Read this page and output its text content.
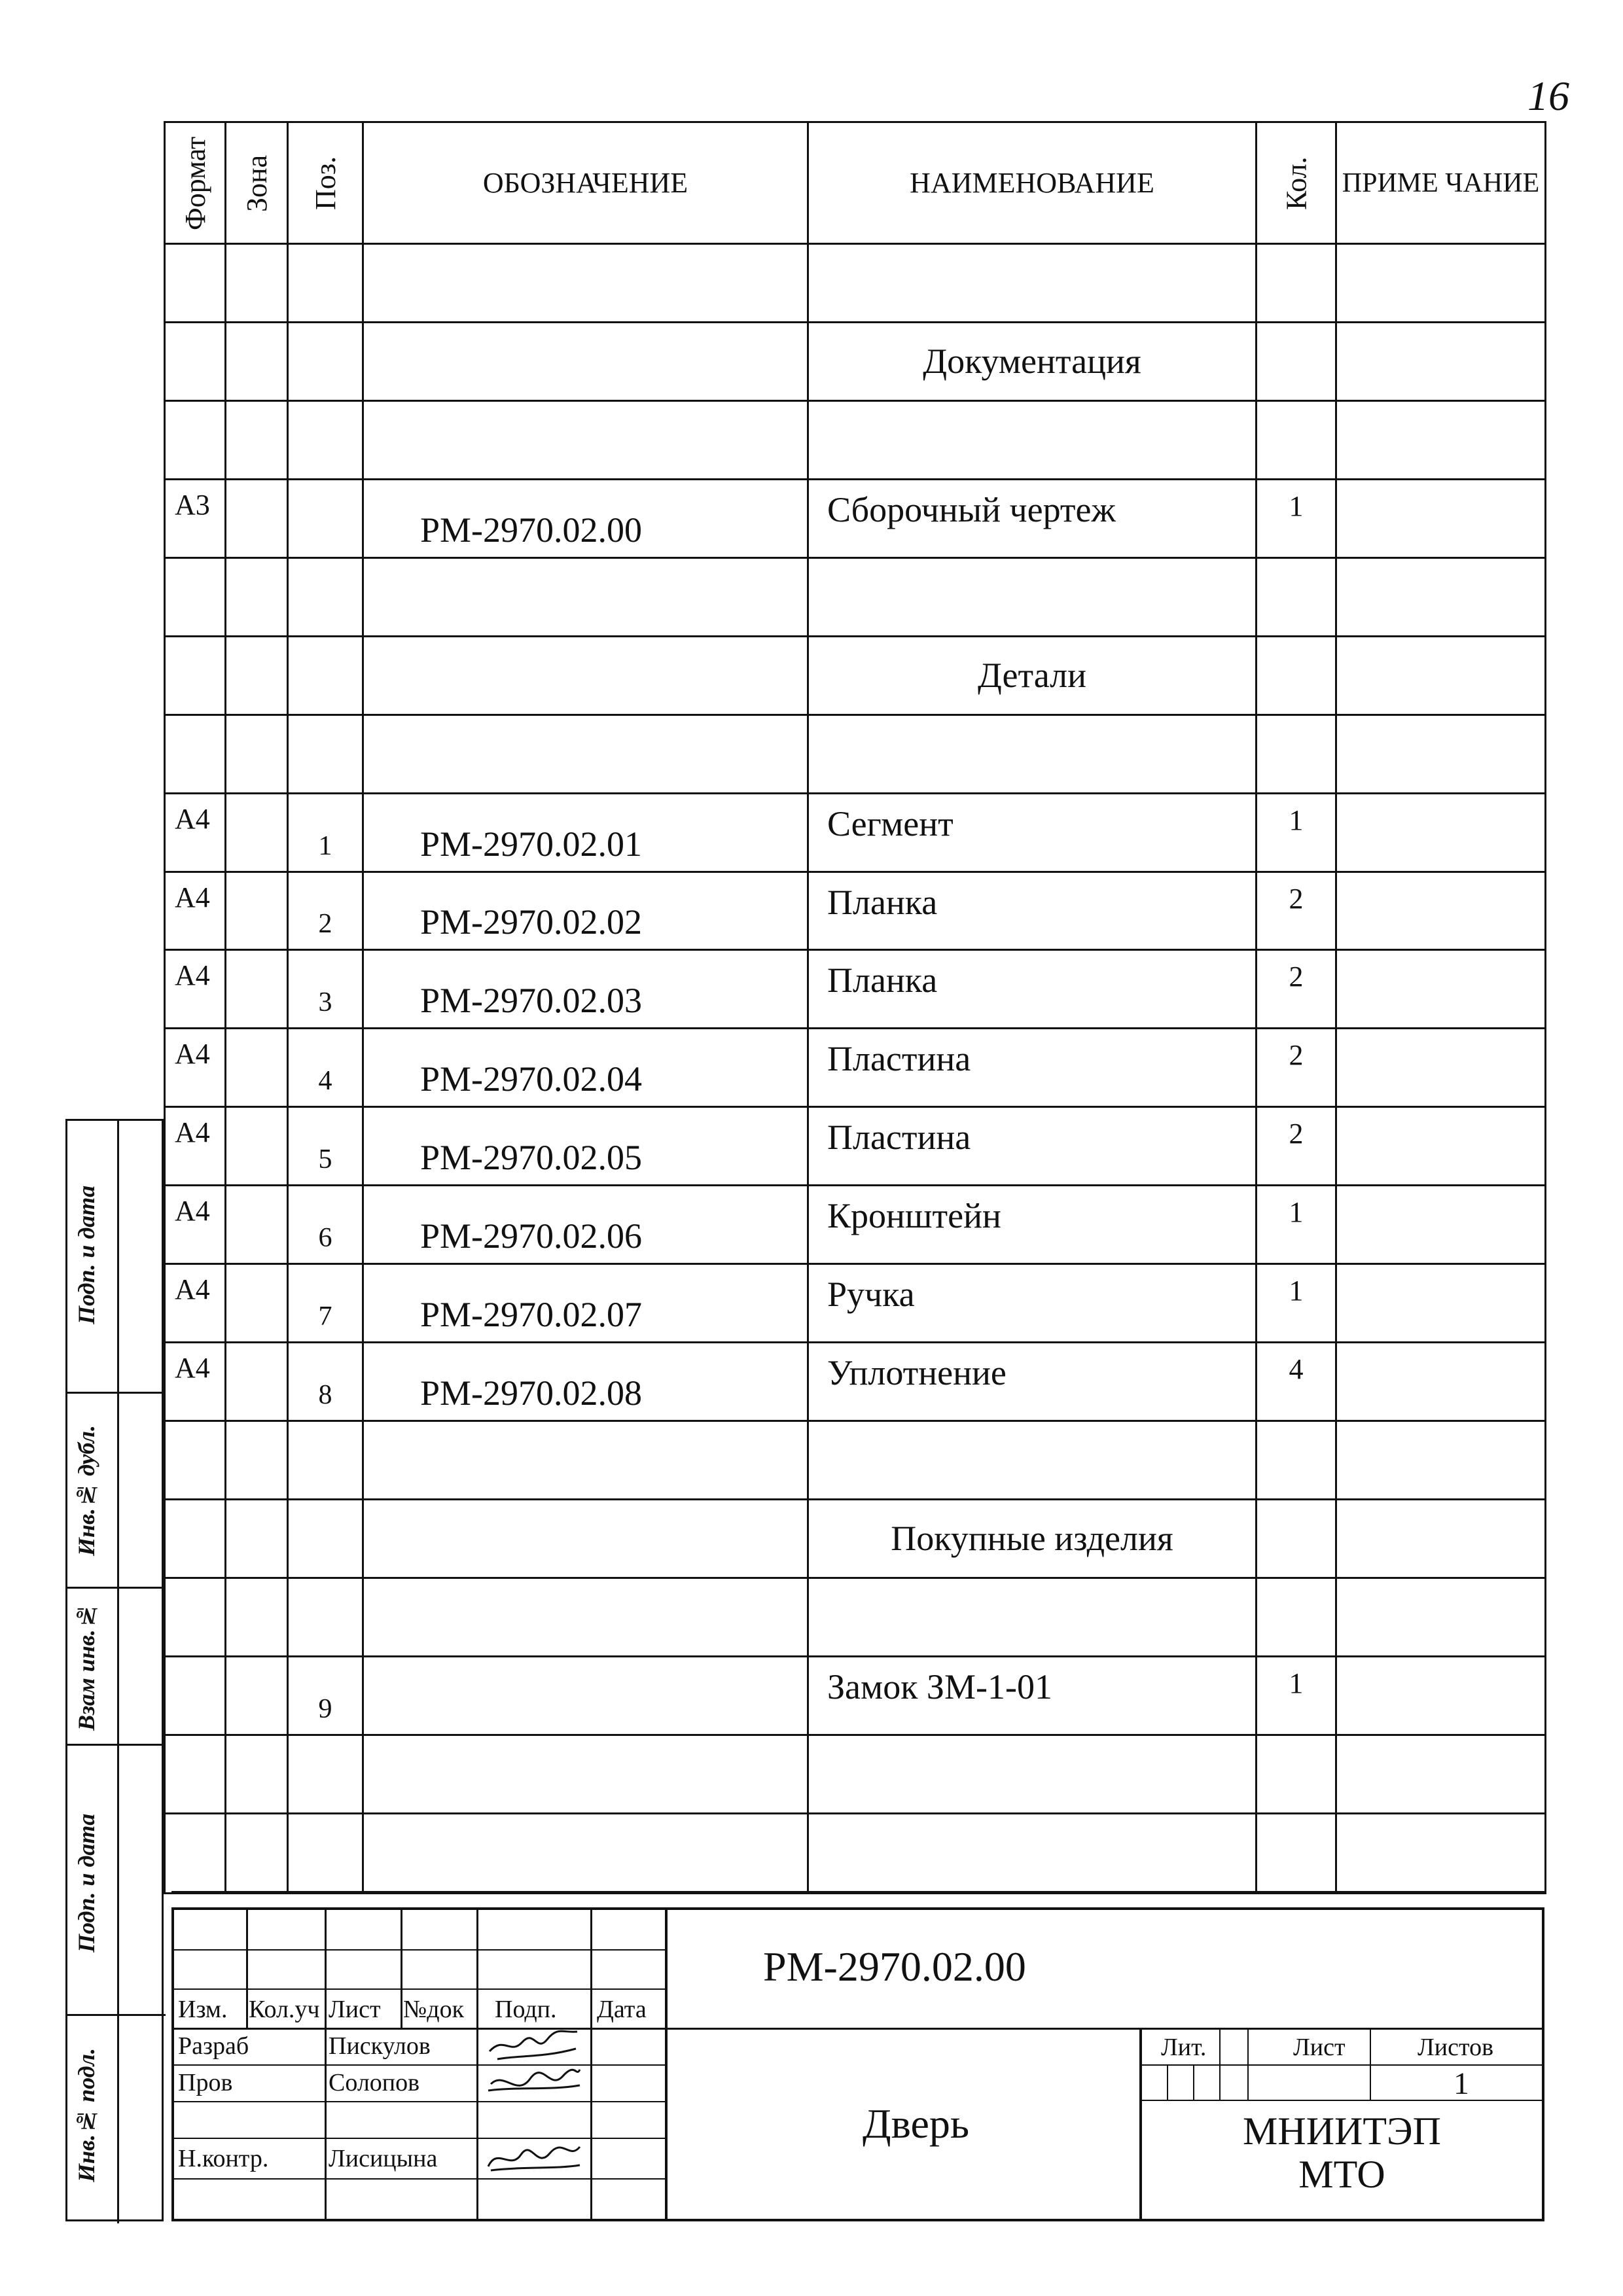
16
Формат	Зона	Поз.	ОБОЗНАЧЕНИЕ	НАИМЕНОВАНИЕ	Кол.	ПРИМЕ ЧАНИЕ

				Документация		

А3			РМ-2970.02.00	Сборочный чертеж	1	

				Детали		

А4		1	РМ-2970.02.01	Сегмент	1	
А4		2	РМ-2970.02.02	Планка	2	
А4		3	РМ-2970.02.03	Планка	2	
А4		4	РМ-2970.02.04	Пластина	2	
А4		5	РМ-2970.02.05	Пластина	2	
А4		6	РМ-2970.02.06	Кронштейн	1	
А4		7	РМ-2970.02.07	Ручка	1	
А4		8	РМ-2970.02.08	Уплотнение	4	

				Покупные изделия		

		9		Замок ЗМ-1-01	1	

Изм. Кол.уч Лист №док Подп. Дата
Разраб	Пискулов
Пров	Солопов
Н.контр. Лисицына
РМ-2970.02.00
Дверь
Лит.	Лист	Листов
1
МНИИТЭП
МТО
Подп. и дата
Инв.№ дубл.
Взам инв.№
Подп. и дата
Инв.№ подл.
